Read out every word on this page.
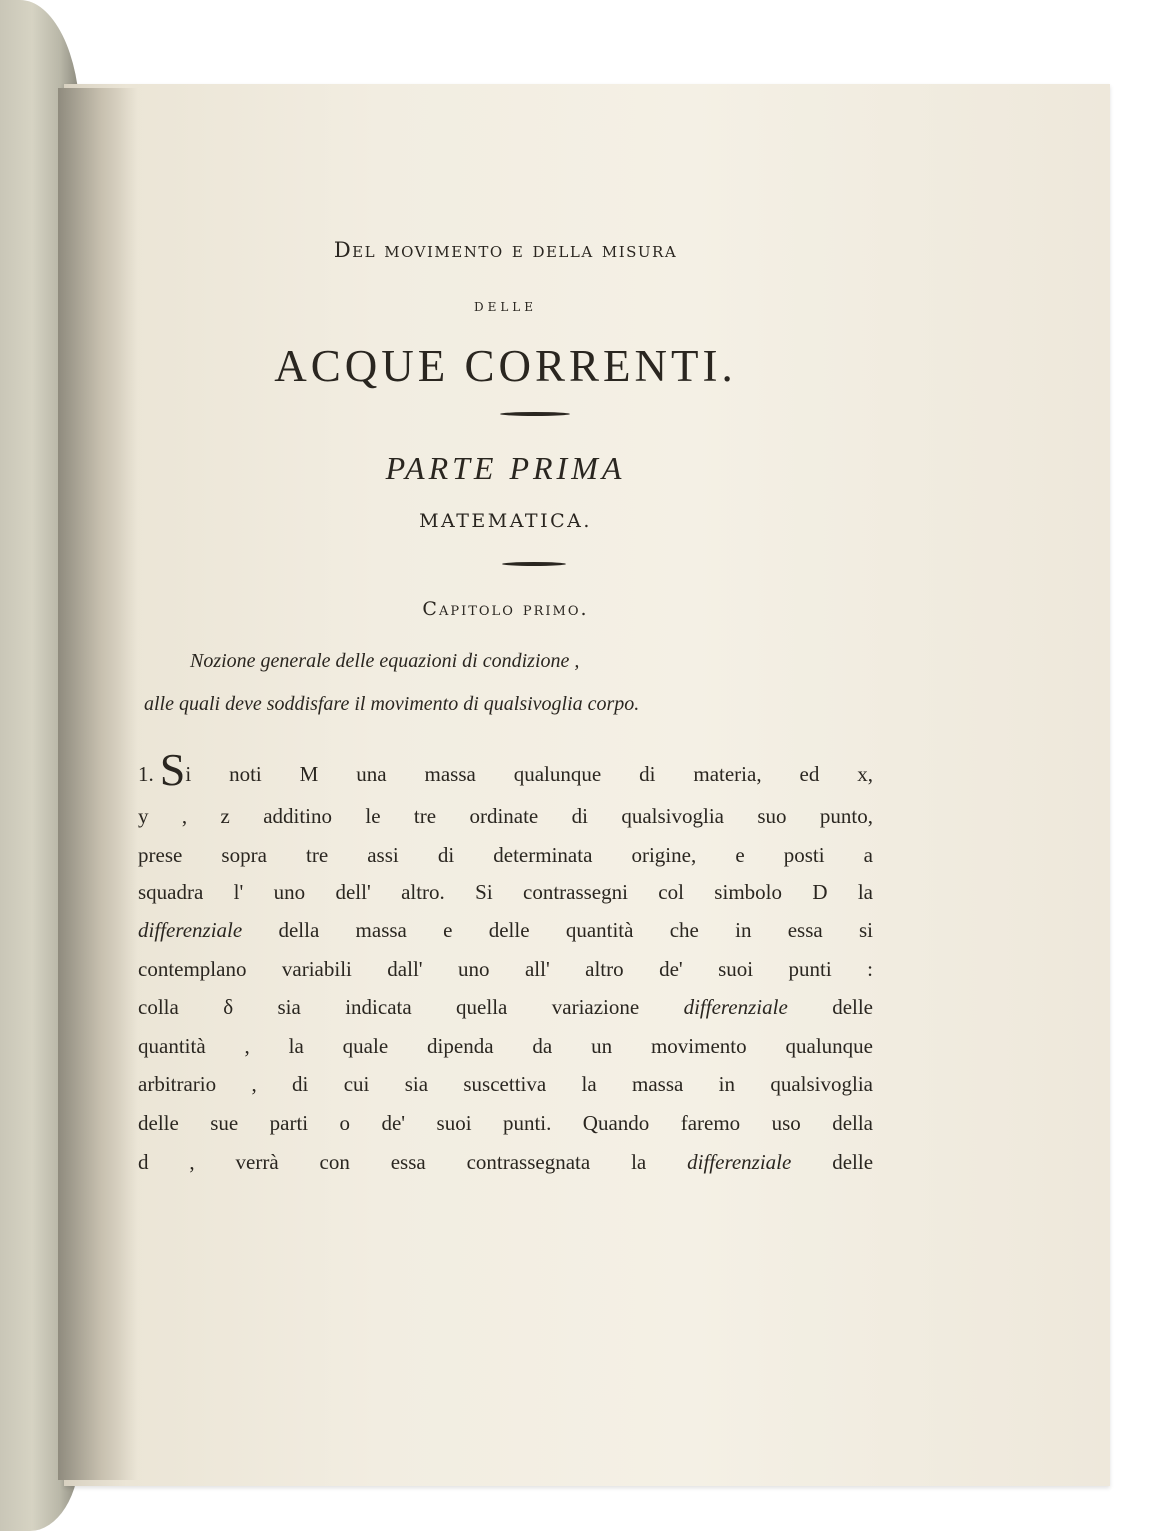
Del movimento e della misura
DELLE
ACQUE CORRENTI.
PARTE PRIMA
MATEMATICA.
Capitolo primo.
Nozione generale delle equazioni di condizione ,
alle quali deve soddisfare il movimento di qualsivoglia corpo.
1. Si noti M una massa qualunque di materia, ed x,
y , z additino le tre ordinate di qualsivoglia suo punto,
prese sopra tre assi di determinata origine, e posti a
squadra l' uno dell' altro. Si contrassegni col simbolo D la
differenziale della massa e delle quantità che in essa si
contemplano variabili dall' uno all' altro de' suoi punti :
colla δ sia indicata quella variazione differenziale delle
quantità , la quale dipenda da un movimento qualunque
arbitrario , di cui sia suscettiva la massa in qualsivoglia
delle sue parti o de' suoi punti. Quando faremo uso della
d , verrà con essa contrassegnata la differenziale delle
